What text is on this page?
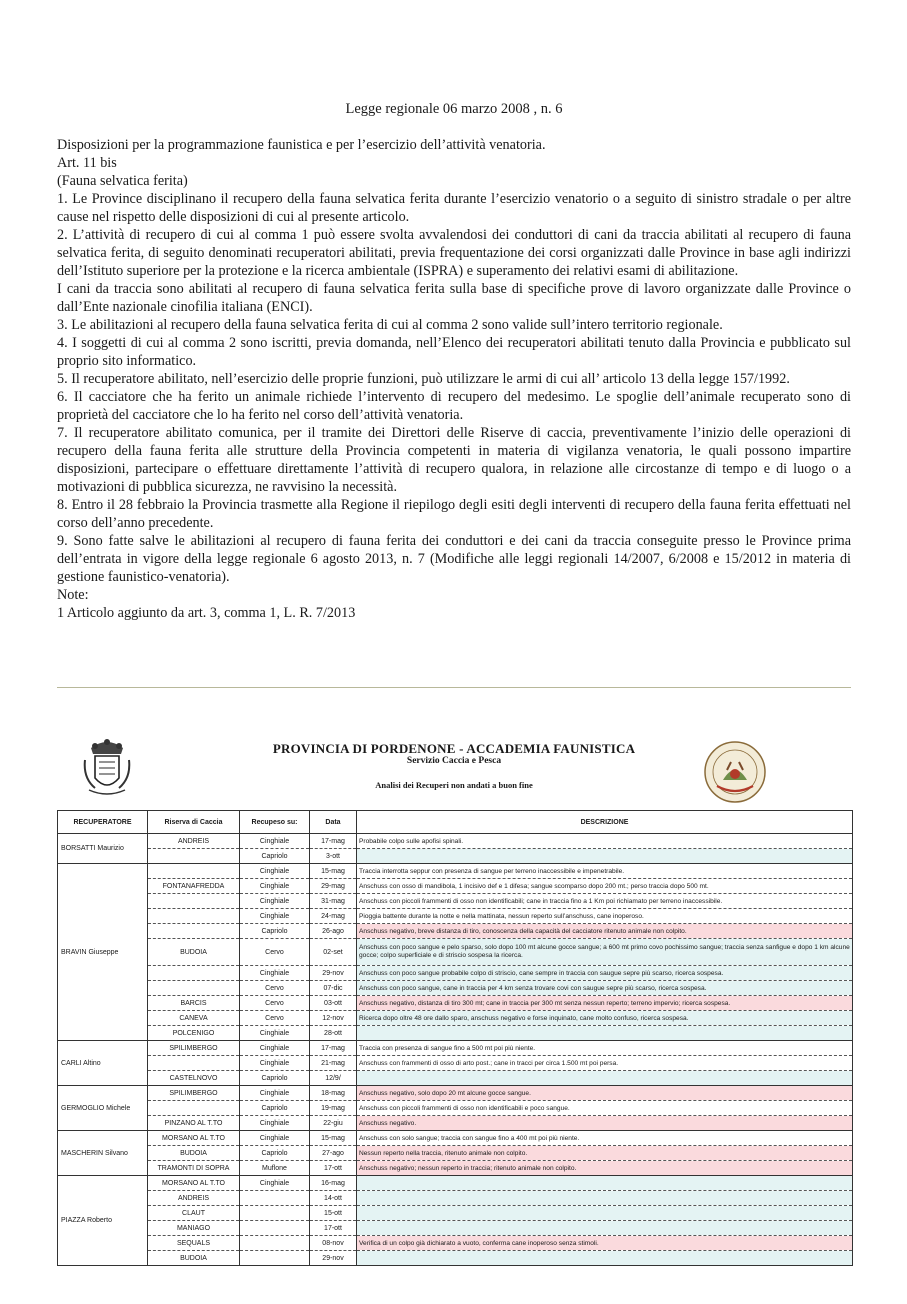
Legge regionale 06 marzo 2008 , n. 6

Disposizioni per la programmazione faunistica e per l’esercizio dell’attività venatoria.

Art. 11 bis

(Fauna selvatica ferita)

1. Le Province disciplinano il recupero della fauna selvatica ferita durante l’esercizio venatorio o a seguito di sinistro stradale o per altre cause nel rispetto delle disposizioni di cui al presente articolo.

2. L’attività di recupero di cui al comma 1 può essere svolta avvalendosi dei conduttori di cani da traccia abilitati al recupero di fauna selvatica ferita, di seguito denominati recuperatori abilitati, previa frequentazione dei corsi organizzati dalle Province in base agli indirizzi dell’Istituto superiore per la protezione e la ricerca ambientale (ISPRA) e superamento dei relativi esami di abilitazione.

I cani da traccia sono abilitati al recupero di fauna selvatica ferita sulla base di specifiche prove di lavoro organizzate dalle Province o dall’Ente nazionale cinofilia italiana (ENCI).

3. Le abilitazioni al recupero della fauna selvatica ferita di cui al comma 2 sono valide sull’intero territorio regionale.

4. I soggetti di cui al comma 2 sono iscritti, previa domanda, nell’Elenco dei recuperatori abilitati tenuto dalla Provincia e pubblicato sul proprio sito informatico.

5. Il recuperatore abilitato, nell’esercizio delle proprie funzioni, può utilizzare le armi di cui all’ articolo 13 della legge 157/1992.

6. Il cacciatore che ha ferito un animale richiede l’intervento di recupero del medesimo. Le spoglie dell’animale recuperato sono di proprietà del cacciatore che lo ha ferito nel corso dell’attività venatoria.

7. Il recuperatore abilitato comunica, per il tramite dei Direttori delle Riserve di caccia, preventivamente l’inizio delle operazioni di recupero della fauna ferita alle strutture della Provincia competenti in materia di vigilanza venatoria, le quali possono impartire disposizioni, partecipare o effettuare direttamente l’attività di recupero qualora, in relazione alle circostanze di tempo e di luogo o a motivazioni di pubblica sicurezza, ne ravvisino la necessità.

8. Entro il 28 febbraio la Provincia trasmette alla Regione il riepilogo degli esiti degli interventi di recupero della fauna ferita effettuati nel corso dell’anno precedente.

9. Sono fatte salve le abilitazioni al recupero di fauna ferita dei conduttori e dei cani da traccia conseguite presso le Province prima dell’entrata in vigore della legge regionale 6 agosto 2013, n. 7 (Modifiche alle leggi regionali 14/2007, 6/2008 e 15/2012 in materia di gestione faunistico-venatoria).

Note:

1 Articolo aggiunto da art. 3, comma 1, L. R. 7/2013

PROVINCIA DI PORDENONE - ACCADEMIA FAUNISTICA
Servizio Caccia e Pesca
Analisi dei Recuperi non andati a buon fine
RECUPERATORE	Riserva di Caccia	Recupeso su:	Data	DESCRIZIONE
BORSATTI Maurizio	ANDREIS	Cinghiale	17-mag	Probabile colpo sulle apofisi spinali.
		Capriolo	3-ott	
BRAVIN Giuseppe		Cinghiale	15-mag	Traccia interrotta seppur con presenza di sangue per terreno inaccessibile e impenetrabile.
	FONTANAFREDDA	Cinghiale	29-mag	Anschuss con osso di mandibola, 1 incisivo def e 1 difesa; sangue scomparso dopo 200 mt.; perso traccia dopo 500 mt.
		Cinghiale	31-mag	Anschuss con piccoli frammenti di osso non identificabili; cane in traccia fino a 1 Km poi richiamato per terreno inaccessibile.
		Cinghiale	24-mag	Pioggia battente durante la notte e nella mattinata, nessun reperto sull’anschuss, cane inoperoso.
		Capriolo	26-ago	Anschuss negativo, breve distanza di tiro, conoscenza della capacità del cacciatore ritenuto animale non colpito.
	BUDOIA	Cervo	02-set	Anschuss con poco sangue e pelo sparso, solo dopo 100 mt alcune gocce sangue; a 600 mt primo covo pochissimo sangue; traccia senza sanfigue e dopo 1 km alcune gocce; colpo superficiale e di striscio sospesa la ricerca.
		Cinghiale	29-nov	Anschuss con poco sangue probabile colpo di striscio, cane sempre in traccia con saugue sepre più scarso, ricerca sospesa.
		Cervo	07-dic	Anschuss con poco sangue, cane in traccia per 4 km senza trovare covi con saugue sepre più scarso, ricerca sospesa.
	BARCIS	Cervo	03-ott	Anschuss negativo, distanza di tiro 300 mt; cane in traccia per 300 mt senza nessun reperto; terreno impervio; ricerca sospesa.
	CANEVA	Cervo	12-nov	Ricerca dopo oltre 48 ore dallo sparo, anschuss negativo e forse inquinato, cane molto confuso, ricerca sospesa.
	POLCENIGO	Cinghiale	28-ott	
CARLI Altino	SPILIMBERGO	Cinghiale	17-mag	Traccia con presenza di sangue fino a 500 mt poi più niente.
		Cinghiale	21-mag	Anschuss con frammenti di osso di arto post.; cane in tracci per circa 1.500 mt poi persa.
	CASTELNOVO	Capriolo	12/9/	
GERMOGLIO Michele	SPILIMBERGO	Cinghiale	18-mag	Anschuss negativo, solo dopo 20 mt alcune gocce sangue.
		Capriolo	19-mag	Anschuss con piccoli frammenti di osso non identificabili e poco sangue.
	PINZANO AL T.TO	Cinghiale	22-giu	Anschuss negativo.
MASCHERIN Silvano	MORSANO AL T.TO	Cinghiale	15-mag	Anschuss con solo sangue; traccia con sangue fino a 400 mt poi più niente.
	BUDOIA	Capriolo	27-ago	Nessun reperto nella traccia, ritenuto animale non colpito.
	TRAMONTI DI SOPRA	Muflone	17-ott	Anschuss negativo; nessun reperto in traccia; ritenuto animale non colpito.
PIAZZA Roberto	MORSANO AL T.TO	Cinghiale	16-mag	
	ANDREIS		14-ott	
	CLAUT		15-ott	
	MANIAGO		17-ott	
	SEQUALS		08-nov	Verifica di un colpo già dichiarato a vuoto, conferma cane inoperoso senza stimoli.
	BUDOIA		29-nov	
